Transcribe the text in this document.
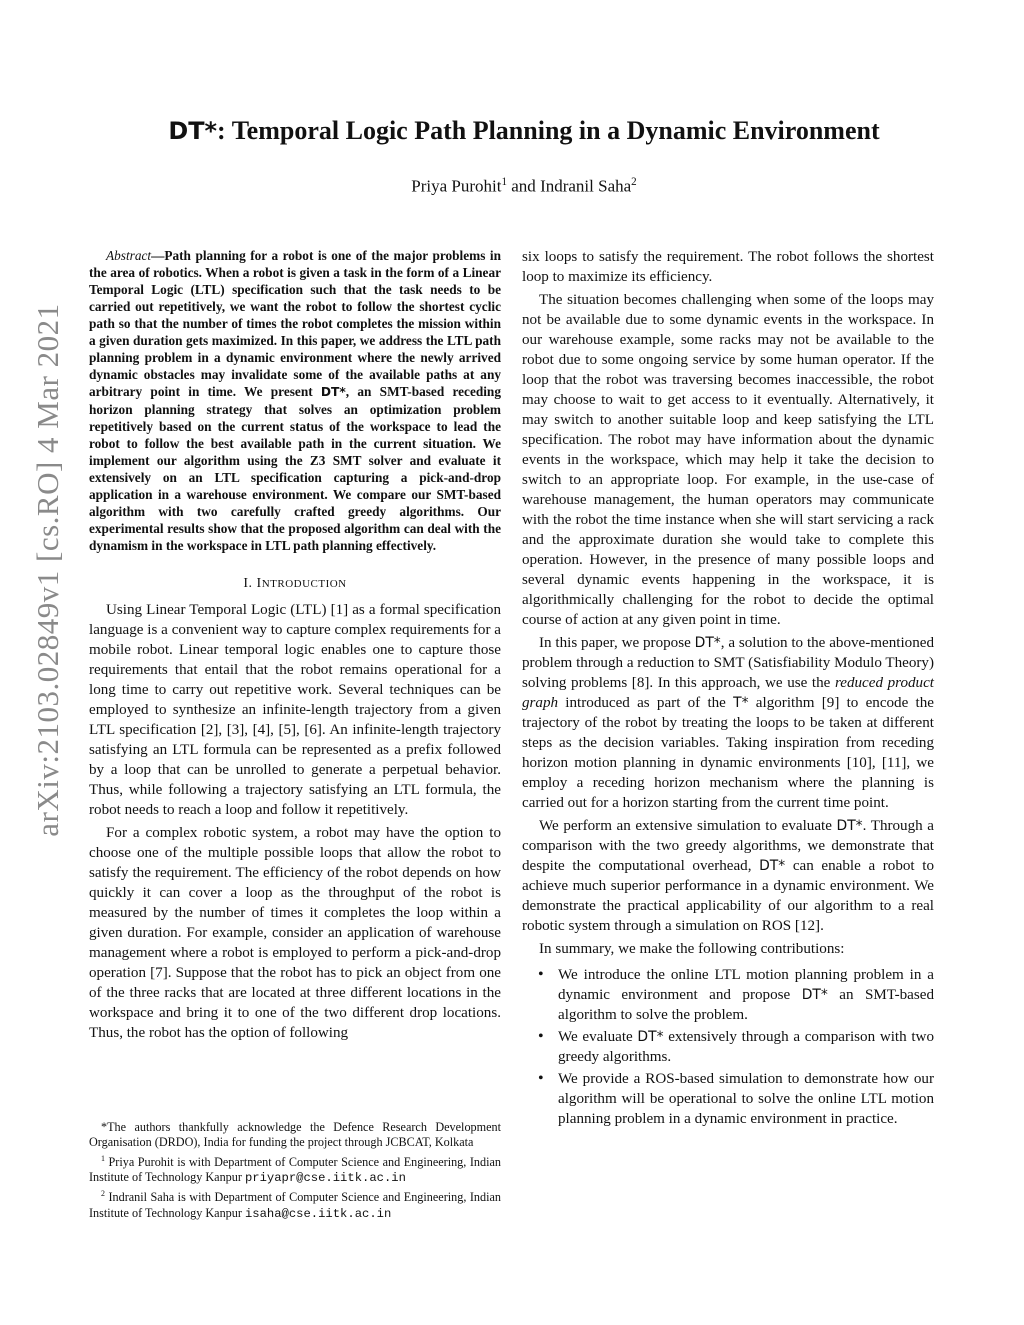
arXiv:2103.02849v1 [cs.RO] 4 Mar 2021
DT*: Temporal Logic Path Planning in a Dynamic Environment

Priya Purohit$^1$ and Indranil Saha$^2$

Abstract—Path planning for a robot is one of the major problems in the area of robotics. When a robot is given a task in the form of a Linear Temporal Logic (LTL) specification such that the task needs to be carried out repetitively, we want the robot to follow the shortest cyclic path so that the number of times the robot completes the mission within a given duration gets maximized. In this paper, we address the LTL path planning problem in a dynamic environment where the newly arrived dynamic obstacles may invalidate some of the available paths at any arbitrary point in time. We present DT*, an SMT-based receding horizon planning strategy that solves an optimization problem repetitively based on the current status of the workspace to lead the robot to follow the best available path in the current situation. We implement our algorithm using the Z3 SMT solver and evaluate it extensively on an LTL specification capturing a pick-and-drop application in a warehouse environment. We compare our SMT-based algorithm with two carefully crafted greedy algorithms. Our experimental results show that the proposed algorithm can deal with the dynamism in the workspace in LTL path planning effectively.

I. INTRODUCTION

Using Linear Temporal Logic (LTL) [1] as a formal specification language is a convenient way to capture complex requirements for a mobile robot. Linear temporal logic enables one to capture those requirements that entail that the robot remains operational for a long time to carry out repetitive work. Several techniques can be employed to synthesize an infinite-length trajectory from a given LTL specification [2], [3], [4], [5], [6]. An infinite-length trajectory satisfying an LTL formula can be represented as a prefix followed by a loop that can be unrolled to generate a perpetual behavior. Thus, while following a trajectory satisfying an LTL formula, the robot needs to reach a loop and follow it repetitively.

For a complex robotic system, a robot may have the option to choose one of the multiple possible loops that allow the robot to satisfy the requirement. The efficiency of the robot depends on how quickly it can cover a loop as the throughput of the robot is measured by the number of times it completes the loop within a given duration. For example, consider an application of warehouse management where a robot is employed to perform a pick-and-drop operation [7]. Suppose that the robot has to pick an object from one of the three racks that are located at three different locations in the workspace and bring it to one of the two different drop locations. Thus, the robot has the option of following

*The authors thankfully acknowledge the Defence Research Development Organisation (DRDO), India for funding the project through JCBCAT, Kolkata

$^1$ Priya Purohit is with Department of Computer Science and Engineering, Indian Institute of Technology Kanpur priyapr@cse.iitk.ac.in

$^2$ Indranil Saha is with Department of Computer Science and Engineering, Indian Institute of Technology Kanpur isaha@cse.iitk.ac.in

six loops to satisfy the requirement. The robot follows the shortest loop to maximize its efficiency.

The situation becomes challenging when some of the loops may not be available due to some dynamic events in the workspace. In our warehouse example, some racks may not be available to the robot due to some ongoing service by some human operator. If the loop that the robot was traversing becomes inaccessible, the robot may choose to wait to get access to it eventually. Alternatively, it may switch to another suitable loop and keep satisfying the LTL specification. The robot may have information about the dynamic events in the workspace, which may help it take the decision to switch to an appropriate loop. For example, in the use-case of warehouse management, the human operators may communicate with the robot the time instance when she will start servicing a rack and the approximate duration she would take to complete this operation. However, in the presence of many possible loops and several dynamic events happening in the workspace, it is algorithmically challenging for the robot to decide the optimal course of action at any given point in time.

In this paper, we propose DT*, a solution to the above-mentioned problem through a reduction to SMT (Satisfiability Modulo Theory) solving problems [8]. In this approach, we use the reduced product graph introduced as part of the T* algorithm [9] to encode the trajectory of the robot by treating the loops to be taken at different steps as the decision variables. Taking inspiration from receding horizon motion planning in dynamic environments [10], [11], we employ a receding horizon mechanism where the planning is carried out for a horizon starting from the current time point.

We perform an extensive simulation to evaluate DT*. Through a comparison with the two greedy algorithms, we demonstrate that despite the computational overhead, DT* can enable a robot to achieve much superior performance in a dynamic environment. We demonstrate the practical applicability of our algorithm to a real robotic system through a simulation on ROS [12].

In summary, we make the following contributions:

• We introduce the online LTL motion planning problem in a dynamic environment and propose DT* an SMT-based algorithm to solve the problem.
• We evaluate DT* extensively through a comparison with two greedy algorithms.
• We provide a ROS-based simulation to demonstrate how our algorithm will be operational to solve the online LTL motion planning problem in a dynamic environment in practice.
